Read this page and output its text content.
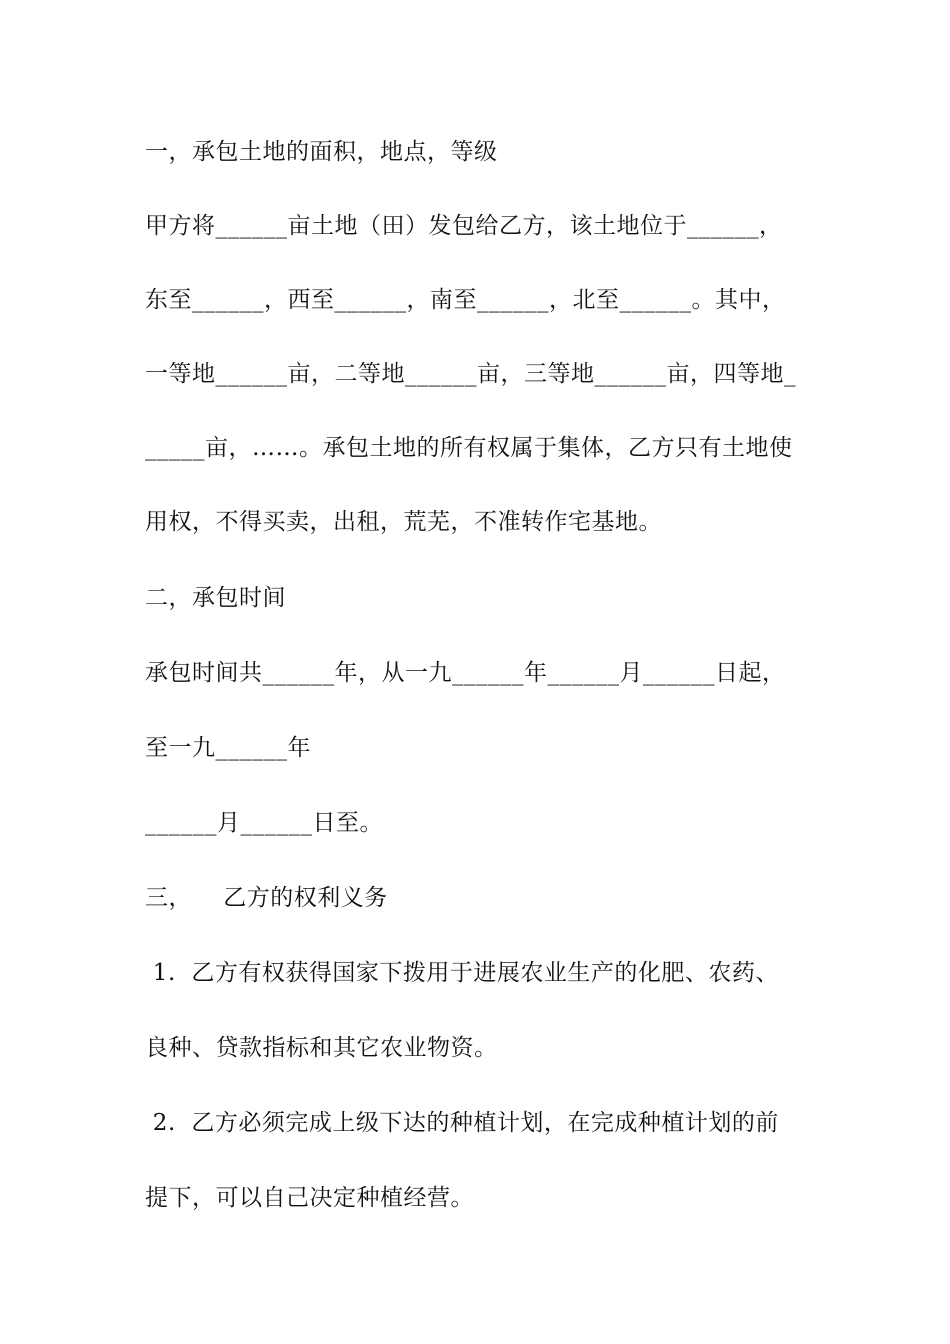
一，承包土地的面积，地点，等级
甲方将______亩土地（田）发包给乙方，该土地位于______，
东至______，西至______，南至______，北至______。其中，
一等地______亩，二等地______亩，三等地______亩，四等地_
_____亩，……。承包土地的所有权属于集体，乙方只有土地使
用权，不得买卖，出租，荒芜，不准转作宅基地。
二，承包时间
承包时间共______年，从一九______年______月______日起，
至一九______年
______月______日至。
三，    乙方的权利义务
1.  乙方有权获得国家下拨用于进展农业生产的化肥、农药、
良种、贷款指标和其它农业物资。
2.  乙方必须完成上级下达的种植计划，在完成种植计划的前
提下，可以自己决定种植经营。
